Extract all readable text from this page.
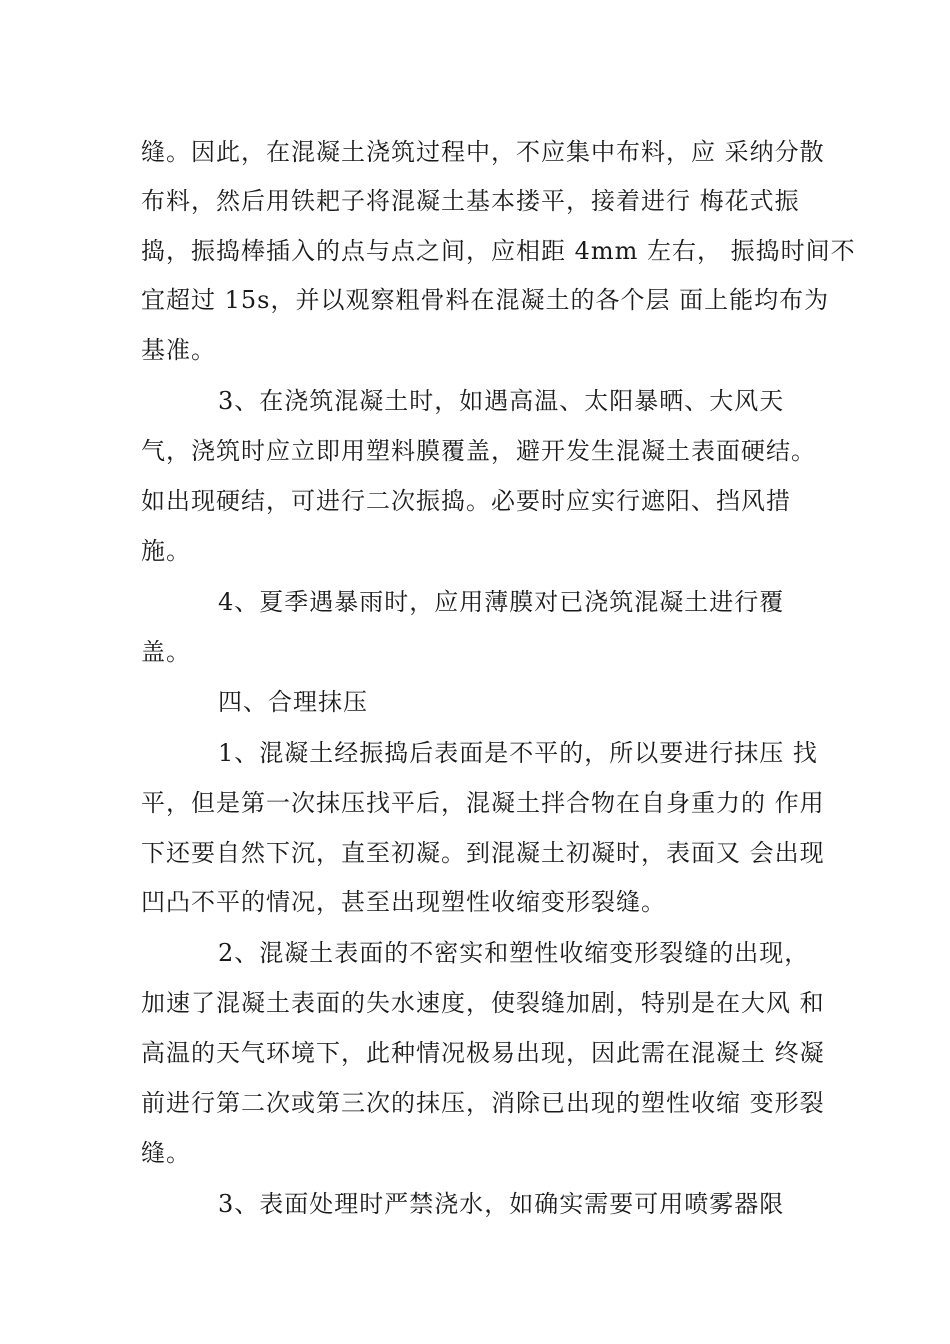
缝。因此，在混凝土浇筑过程中，不应集中布料，应 采纳分散
布料，然后用铁耙子将混凝土基本搂平，接着进行 梅花式振
捣，振捣棒插入的点与点之间，应相距 4mm 左右， 振捣时间不
宜超过 15s，并以观察粗骨料在混凝土的各个层 面上能均布为
基准。
3、在浇筑混凝土时，如遇高温、太阳暴晒、大风天
气，浇筑时应立即用塑料膜覆盖，避开发生混凝土表面硬结。
如出现硬结，可进行二次振捣。必要时应实行遮阳、挡风措
施。
4、夏季遇暴雨时，应用薄膜对已浇筑混凝土进行覆
盖。
四、合理抹压
1、混凝土经振捣后表面是不平的，所以要进行抹压 找
平，但是第一次抹压找平后，混凝土拌合物在自身重力的 作用
下还要自然下沉，直至初凝。到混凝土初凝时，表面又 会出现
凹凸不平的情况，甚至出现塑性收缩变形裂缝。
2、混凝土表面的不密实和塑性收缩变形裂缝的出现，
加速了混凝土表面的失水速度，使裂缝加剧，特别是在大风 和
高温的天气环境下，此种情况极易出现，因此需在混凝土 终凝
前进行第二次或第三次的抹压，消除已出现的塑性收缩 变形裂
缝。
3、表面处理时严禁浇水，如确实需要可用喷雾器限
